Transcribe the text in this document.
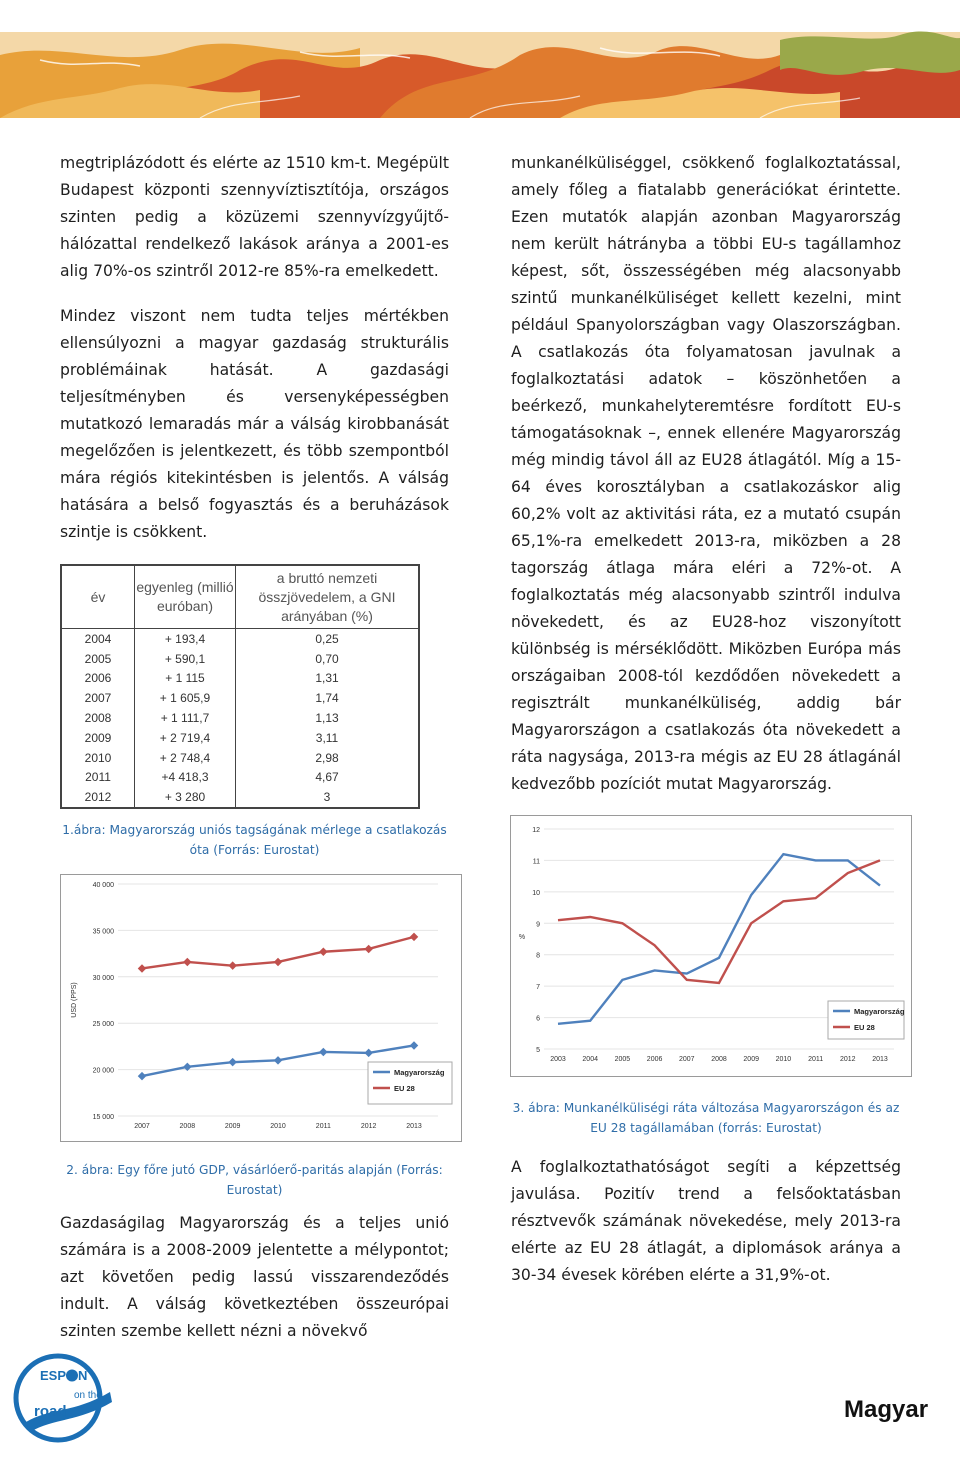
megtriplázódott és elérte az 1510 km-t. Megépült Budapest központi szennyvíztisztítója, országos szinten pedig a közüzemi szennyvízgyűjtő-hálózattal rendelkező lakások aránya a 2001-es alig 70%-os szintről 2012-re 85%-ra emelkedett.

Mindez viszont nem tudta teljes mértékben ellensúlyozni a magyar gazdaság strukturális problémáinak hatását. A gazdasági teljesítményben és versenyképességben mutatkozó lemaradás már a válság kirobbanását megelőzően is jelentkezett, és több szempontból mára régiós kitekintésben is jelentős. A válság hatására a belső fogyasztás és a beruházások szintje is csökkent.

év	egyenleg (millió euróban)	a bruttó nemzeti összjövedelem, a GNI arányában (%)
2004	+ 193,4	0,25
2005	+ 590,1	0,70
2006	+ 1 115	1,31
2007	+ 1 605,9	1,74
2008	+ 1 111,7	1,13
2009	+ 2 719,4	3,11
2010	+ 2 748,4	2,98
2011	+4 418,3	4,67
2012	+ 3 280	3
1.ábra: Magyarország uniós tagságának mérlege a csatlakozás óta (Forrás: Eurostat)
15 000
20 000
25 000
30 000
35 000
40 000
2007	2008	2009	2010	2011	2012	2013
USD (PPS)
Magyarország
EU 28
2. ábra: Egy főre jutó GDP, vásárlóerő-paritás alapján (Forrás: Eurostat)
5
6
7
8
9
10
11
12
2003 2004 2005 2006 2007 2008 2009 2010 2011 2012 2013
%
Magyarország
EU 28
3. ábra: Munkanélküliségi ráta változása Magyarországon és az EU 28 tagállamában (forrás: Eurostat)

Gazdaságilag Magyarország és a teljes unió számára is a 2008-2009 jelentette a mélypontot; azt követően pedig lassú visszarendeződés indult. A válság következtében összeurópai szinten szembe kellett nézni a növekvő

munkanélküliséggel, csökkenő foglalkoztatással, amely főleg a fiatalabb generációkat érintette. Ezen mutatók alapján azonban Magyarország nem került hátrányba a többi EU-s tagállamhoz képest, sőt, összességében még alacsonyabb szintű munkanélküliséget kellett kezelni, mint például Spanyolországban vagy Olaszországban. A csatlakozás óta folyamatosan javulnak a foglalkoztatási adatok – köszönhetően a beérkező, munkahelyteremtésre fordított EU-s támogatásoknak –, ennek ellenére Magyarország még mindig távol áll az EU28 átlagától. Míg a 15-64 éves korosztályban a csatlakozáskor alig 60,2% volt az aktivitási ráta, ez a mutató csupán 65,1%-ra emelkedett 2013-ra, miközben a 28 tagország átlaga mára eléri a 72%-ot. A foglalkoztatás még alacsonyabb szintről indulva növekedett, és az EU28-hoz viszonyított különbség is mérséklődött. Miközben Európa más országaiban 2008-tól kezdődően növekedett a regisztrált munkanélküliség, addig bár Magyarországon a csatlakozás óta növekedett a ráta nagysága, 2013-ra mégis az EU 28 átlagánál kedvezőbb pozíciót mutat Magyarország.

A foglalkoztathatóságot segíti a képzettség javulása. Pozitív trend a felsőoktatásban résztvevők számának növekedése, mely 2013-ra elérte az EU 28 átlagát, a diplomások aránya a 30-34 évesek körében elérte a 31,9%-ot.

ESP N
on the
road	Magyar
